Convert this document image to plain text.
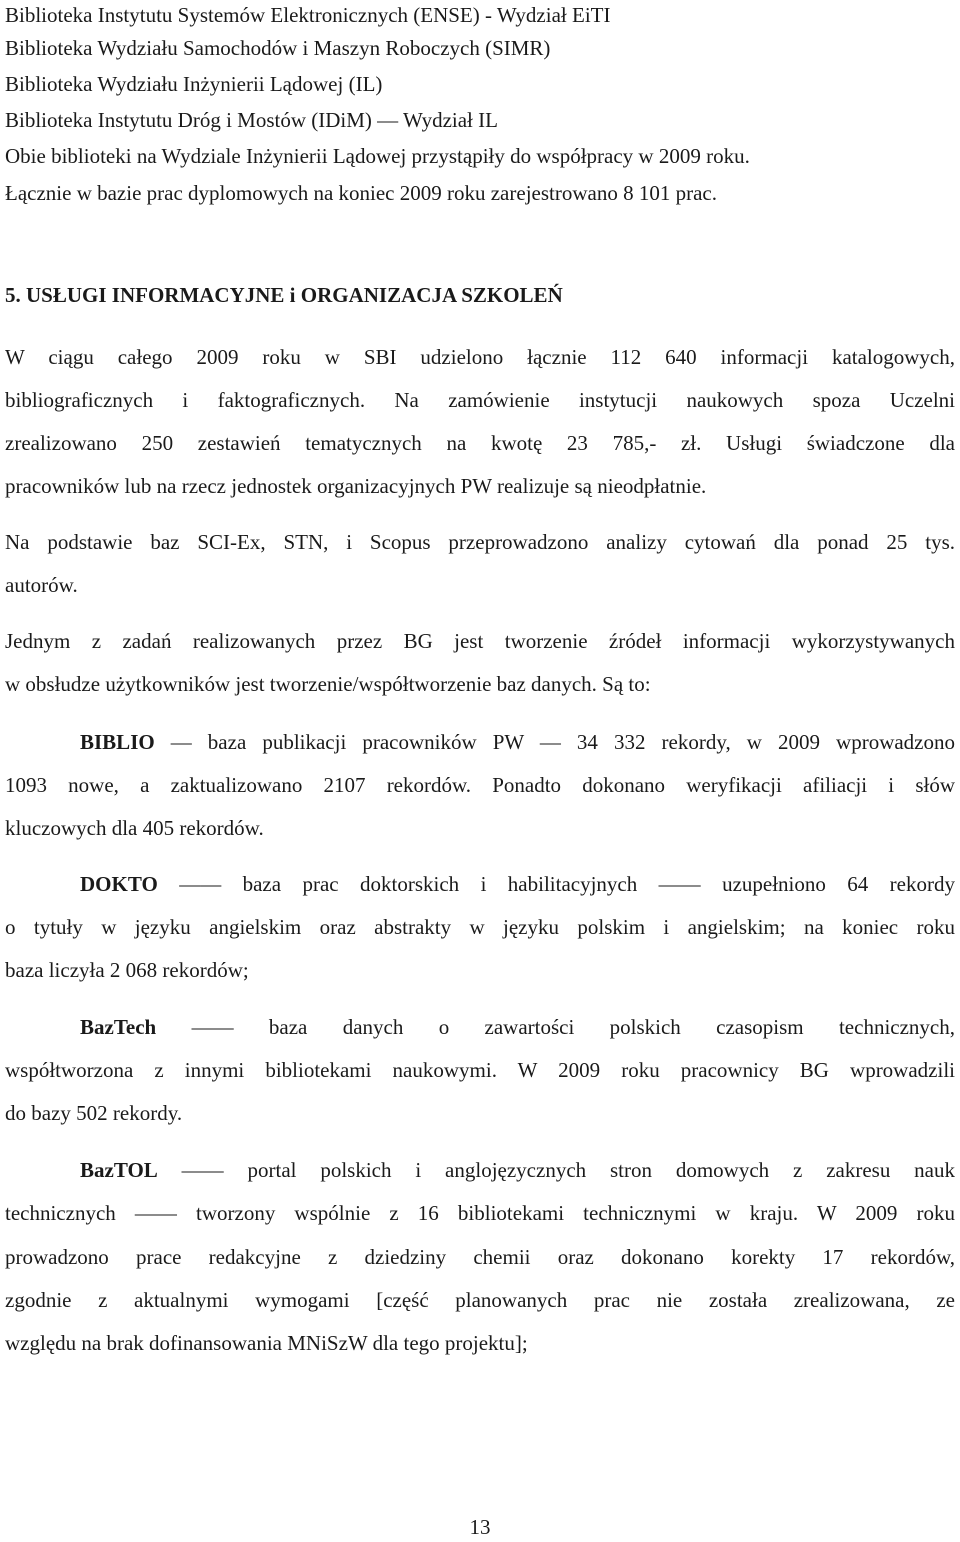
Biblioteka Instytutu Systemów Elektronicznych (ENSE) - Wydział EiTI
Biblioteka Wydziału Samochodów i Maszyn Roboczych (SIMR)
Biblioteka Wydziału Inżynierii Lądowej (IL)
Biblioteka Instytutu Dróg i Mostów (IDiM) — Wydział IL
Obie biblioteki na Wydziale Inżynierii Lądowej przystąpiły do współpracy w 2009 roku.
Łącznie w bazie prac dyplomowych na koniec 2009 roku zarejestrowano 8 101 prac.
5. USŁUGI INFORMACYJNE i ORGANIZACJA SZKOLEŃ
W ciągu całego 2009 roku w SBI udzielono łącznie 112 640 informacji katalogowych,
bibliograficznych i faktograficznych. Na zamówienie instytucji naukowych spoza Uczelni
zrealizowano 250 zestawień tematycznych na kwotę 23 785,- zł. Usługi świadczone dla
pracowników lub na rzecz jednostek organizacyjnych PW realizuje są nieodpłatnie.
Na podstawie baz SCI-Ex, STN, i Scopus przeprowadzono analizy cytowań dla ponad 25 tys.
autorów.
Jednym z zadań realizowanych przez BG jest tworzenie źródeł informacji wykorzystywanych
w obsłudze użytkowników jest tworzenie/współtworzenie baz danych. Są to:
BIBLIO — baza publikacji pracowników PW — 34 332 rekordy, w 2009 wprowadzono
1093 nowe, a zaktualizowano 2107 rekordów. Ponadto dokonano weryfikacji afiliacji i słów
kluczowych dla 405 rekordów.
DOKTO —— baza prac doktorskich i habilitacyjnych —— uzupełniono 64 rekordy
o tytuły w języku angielskim oraz abstrakty w języku polskim i angielskim; na koniec roku
baza liczyła 2 068 rekordów;
BazTech —— baza danych o zawartości polskich czasopism technicznych,
współtworzona z innymi bibliotekami naukowymi. W 2009 roku pracownicy BG wprowadzili
do bazy 502 rekordy.
BazTOL —— portal polskich i anglojęzycznych stron domowych z zakresu nauk
technicznych —— tworzony wspólnie z 16 bibliotekami technicznymi w kraju. W 2009 roku
prowadzono prace redakcyjne z dziedziny chemii oraz dokonano korekty 17 rekordów,
zgodnie z aktualnymi wymogami [część planowanych prac nie została zrealizowana, ze
względu na brak dofinansowania MNiSzW dla tego projektu];
13
